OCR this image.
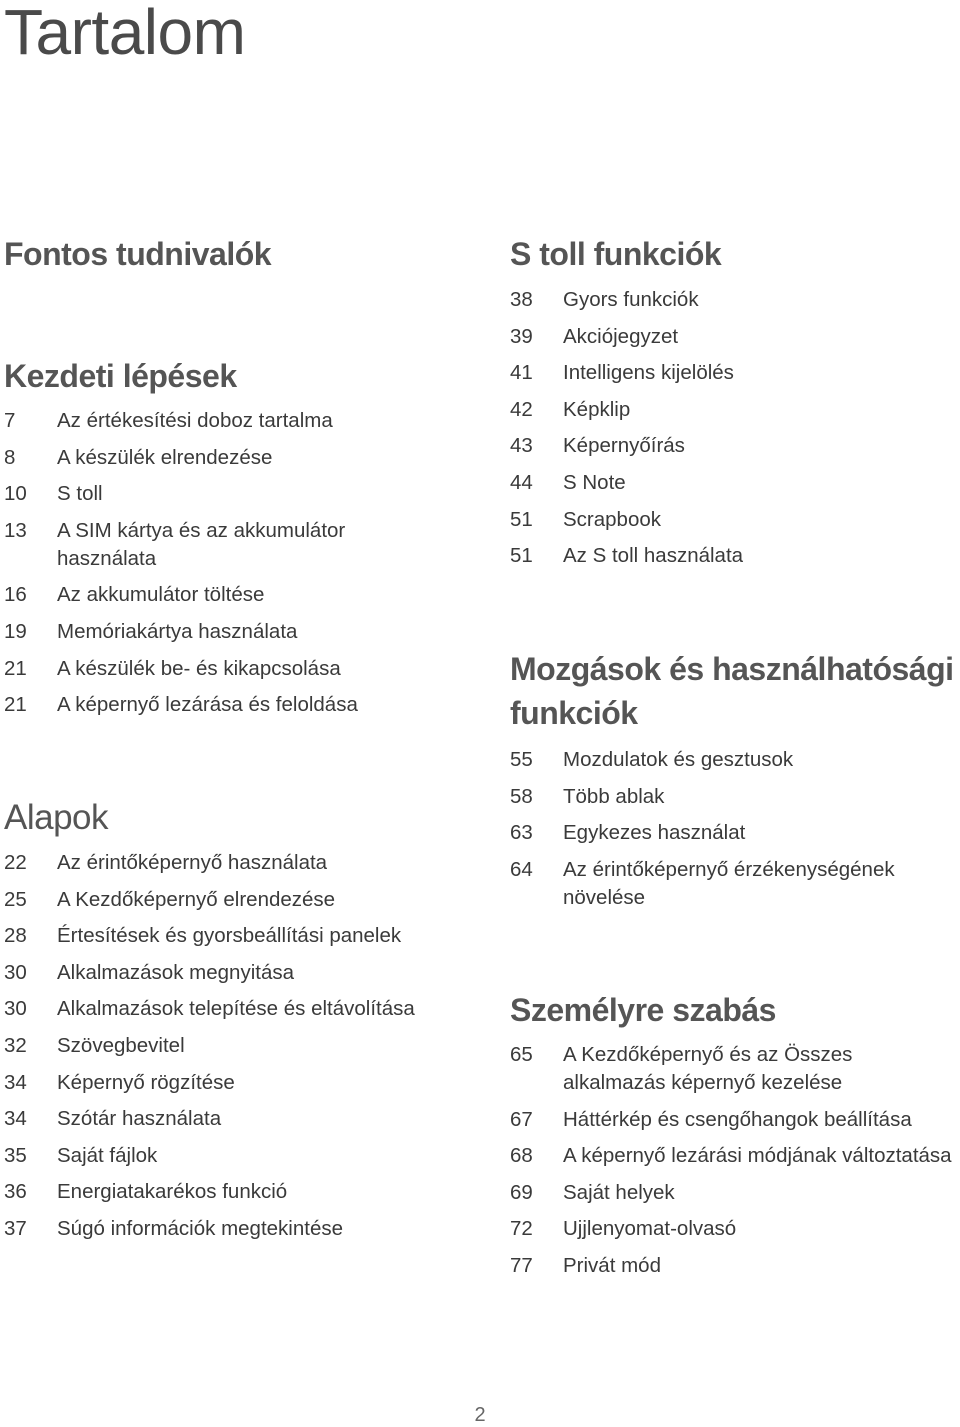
Tartalom
Fontos tudnivalók
Kezdeti lépések
7	Az értékesítési doboz tartalma
8	A készülék elrendezése
10	S toll
13	A SIM kártya és az akkumulátor használata
16	Az akkumulátor töltése
19	Memóriakártya használata
21	A készülék be- és kikapcsolása
21	A képernyő lezárása és feloldása
Alapok
22	Az érintőképernyő használata
25	A Kezdőképernyő elrendezése
28	Értesítések és gyorsbeállítási panelek
30	Alkalmazások megnyitása
30	Alkalmazások telepítése és eltávolítása
32	Szövegbevitel
34	Képernyő rögzítése
34	Szótár használata
35	Saját fájlok
36	Energiatakarékos funkció
37	Súgó információk megtekintése
S toll funkciók
38	Gyors funkciók
39	Akciójegyzet
41	Intelligens kijelölés
42	Képklip
43	Képernyőírás
44	S Note
51	Scrapbook
51	Az S toll használata
Mozgások és használhatósági funkciók
55	Mozdulatok és gesztusok
58	Több ablak
63	Egykezes használat
64	Az érintőképernyő érzékenységének növelése
Személyre szabás
65	A Kezdőképernyő és az Összes alkalmazás képernyő kezelése
67	Háttérkép és csengőhangok beállítása
68	A képernyő lezárási módjának változtatása
69	Saját helyek
72	Ujjlenyomat-olvasó
77	Privát mód
2
